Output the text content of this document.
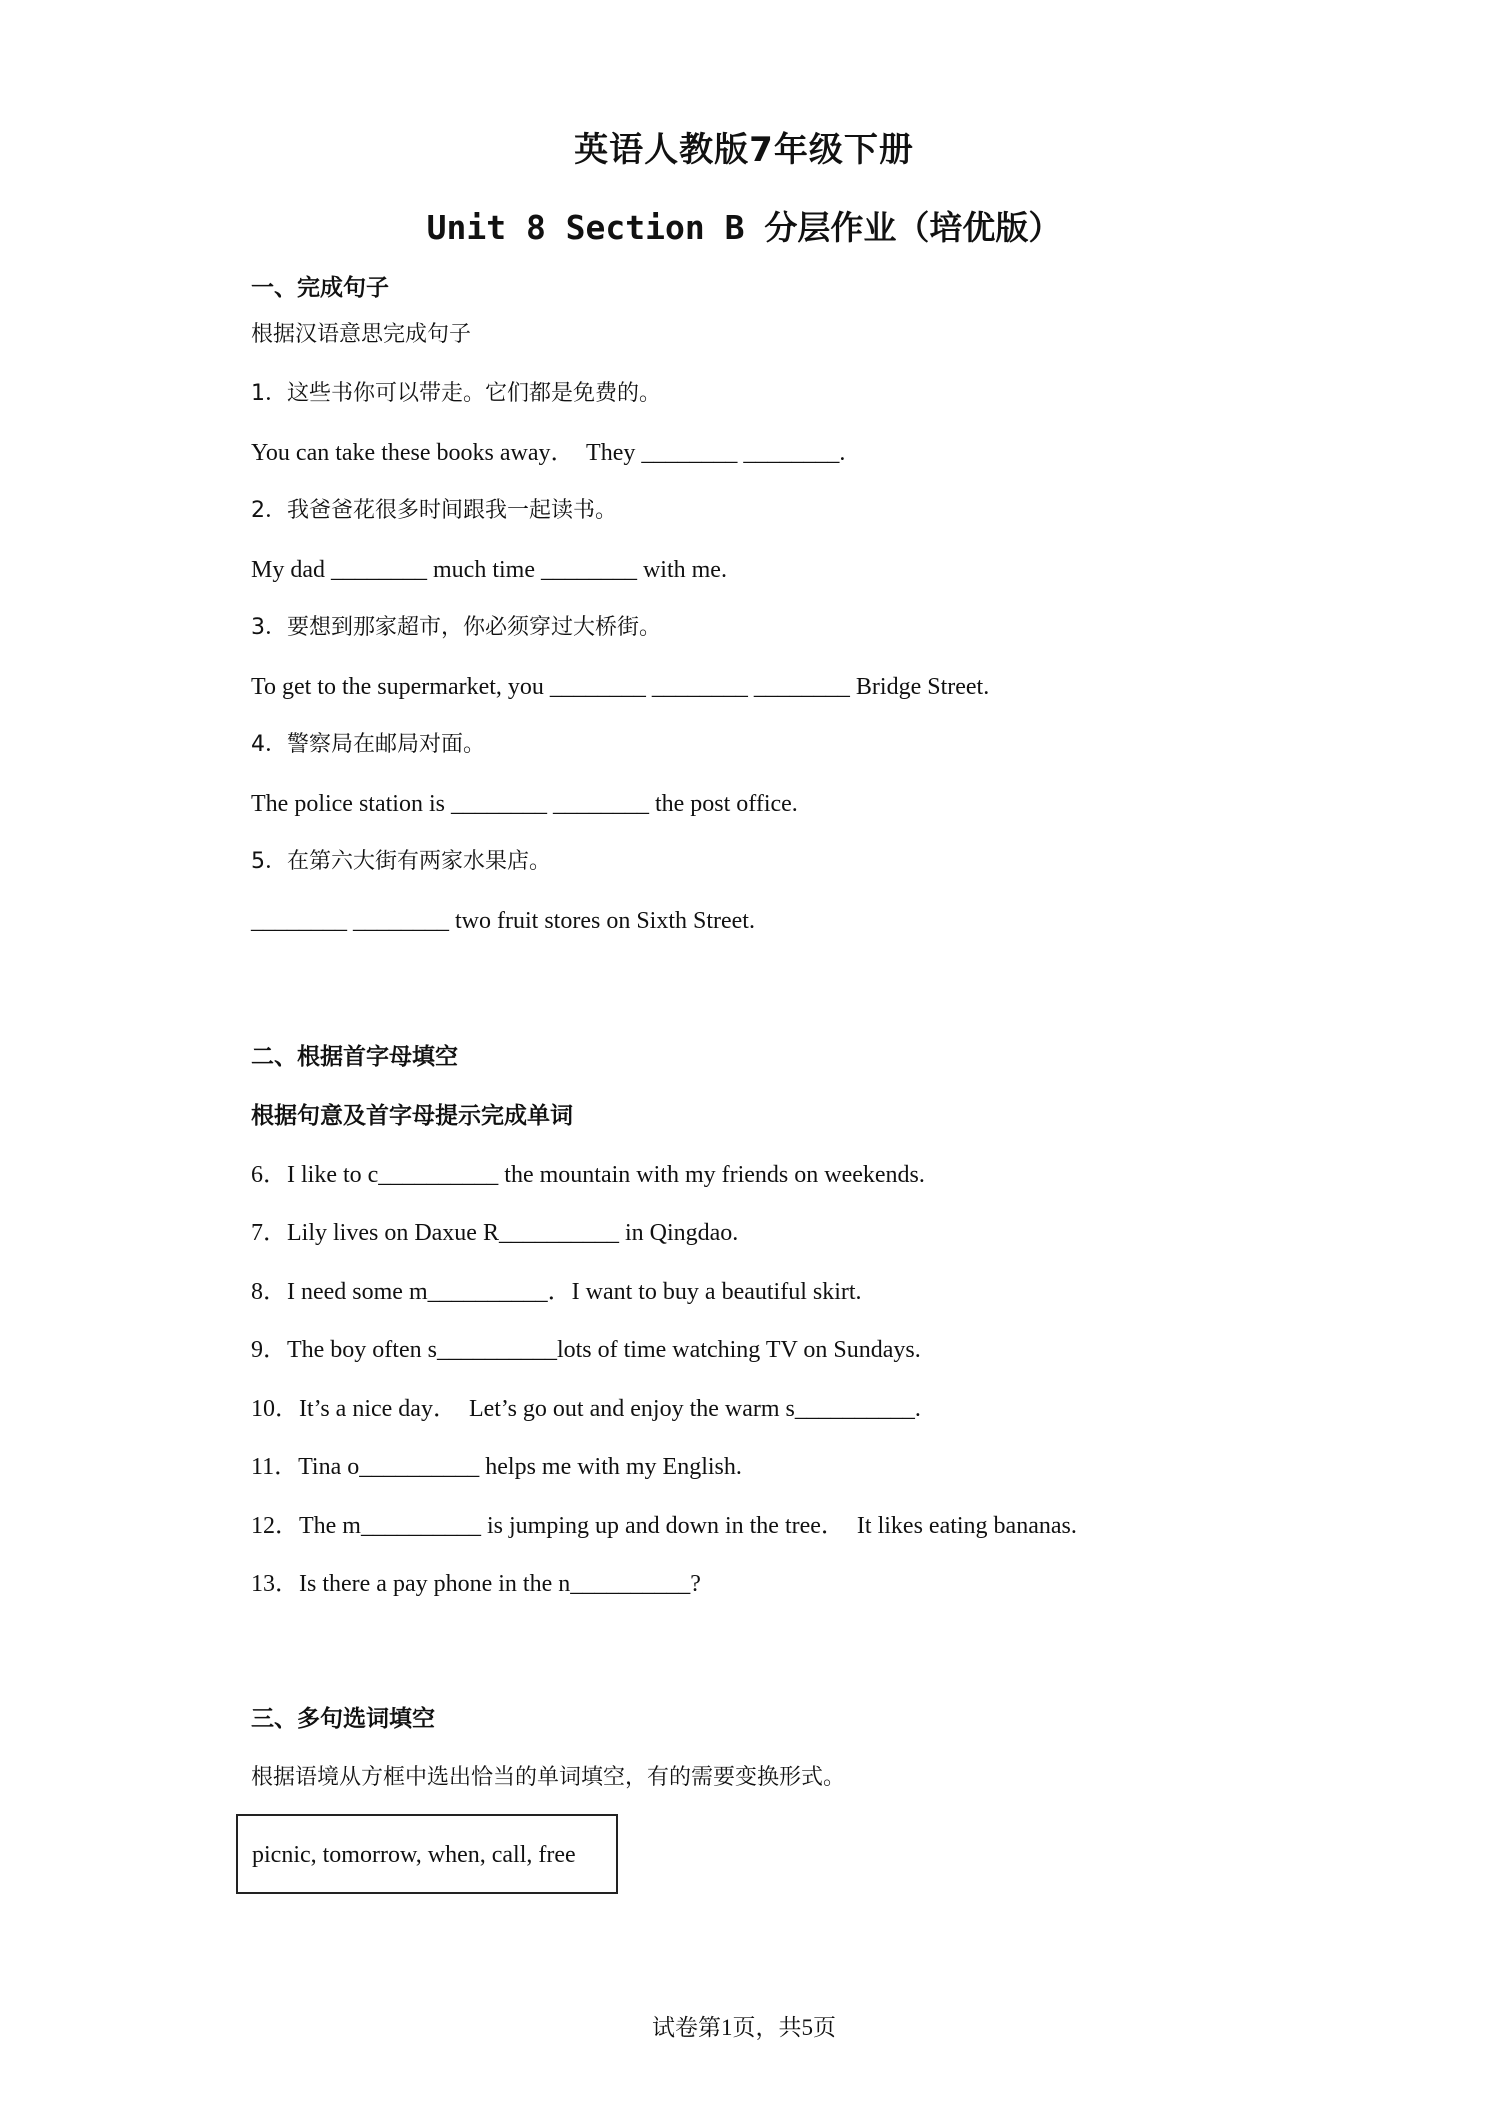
英语人教版7年级下册
Unit 8 Section B 分层作业（培优版）
一、完成句子
根据汉语意思完成句子
1．这些书你可以带走。它们都是免费的。
You can take these books away．  They ________ ________.
2．我爸爸花很多时间跟我一起读书。
My dad ________ much time ________ with me.
3．要想到那家超市，你必须穿过大桥街。
To get to the supermarket, you ________ ________ ________ Bridge Street.
4．警察局在邮局对面。
The police station is ________ ________ the post office.
5．在第六大街有两家水果店。
________ ________ two fruit stores on Sixth Street.
二、根据首字母填空
根据句意及首字母提示完成单词
6．I like to c__________ the mountain with my friends on weekends.
7．Lily lives on Daxue R__________ in Qingdao.
8．I need some m__________．I want to buy a beautiful skirt.
9．The boy often s__________lots of time watching TV on Sundays.
10．It’s a nice day．  Let’s go out and enjoy the warm s__________.
11．Tina o__________ helps me with my English.
12．The m__________ is jumping up and down in the tree．  It likes eating bananas.
13．Is there a pay phone in the n__________?
三、多句选词填空
根据语境从方框中选出恰当的单词填空，有的需要变换形式。
picnic, tomorrow, when, call, free
试卷第1页，共5页
